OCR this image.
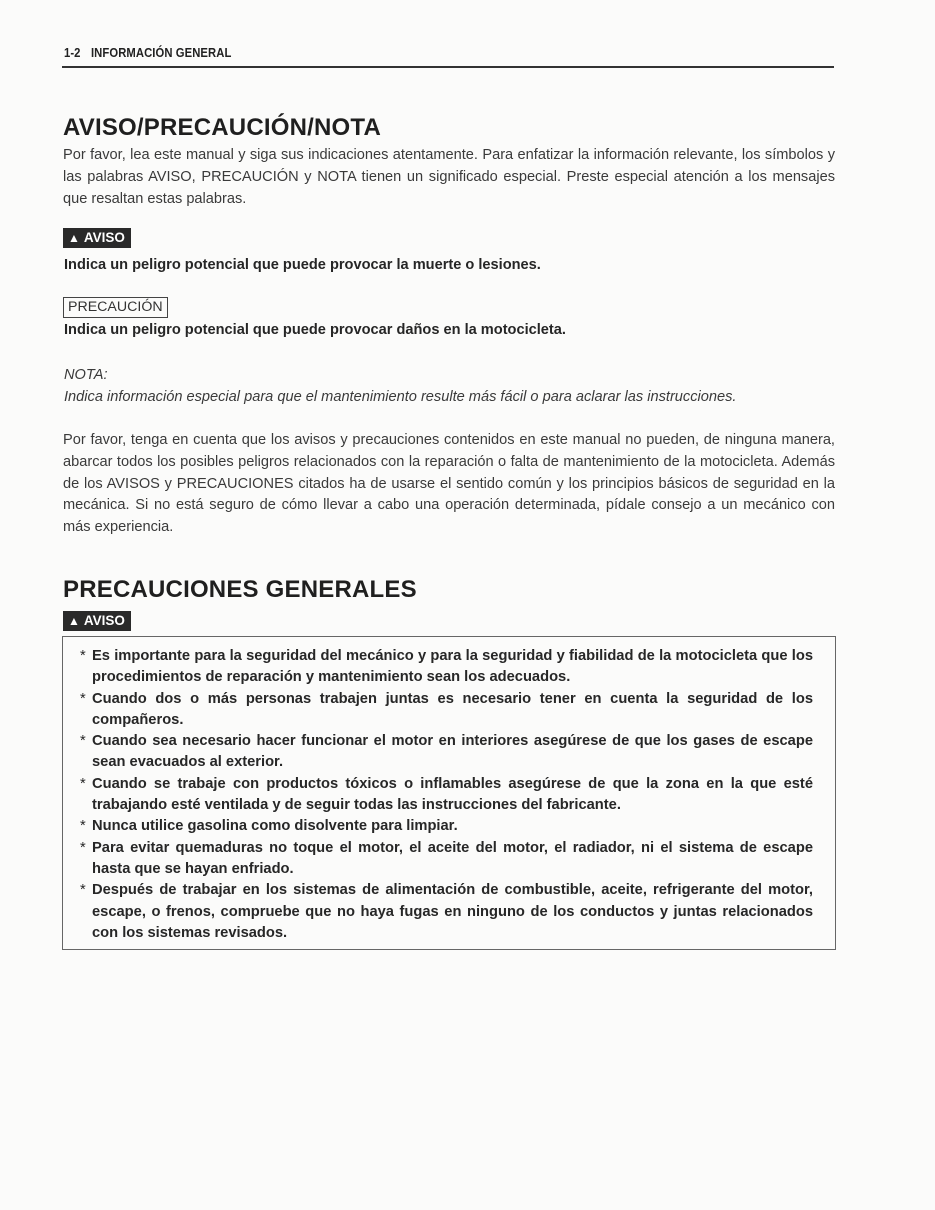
1-2 INFORMACIÓN GENERAL
AVISO/PRECAUCIÓN/NOTA
Por favor, lea este manual y siga sus indicaciones atentamente. Para enfatizar la información relevante, los símbolos y las palabras AVISO, PRECAUCIÓN y NOTA tienen un significado especial. Preste especial atención a los mensajes que resaltan estas palabras.
▲ AVISO
Indica un peligro potencial que puede provocar la muerte o lesiones.
PRECAUCIÓN
Indica un peligro potencial que puede provocar daños en la motocicleta.
NOTA:
Indica información especial para que el mantenimiento resulte más fácil o para aclarar las instrucciones.
Por favor, tenga en cuenta que los avisos y precauciones contenidos en este manual no pueden, de ninguna manera, abarcar todos los posibles peligros relacionados con la reparación o falta de mantenimiento de la motocicleta. Además de los AVISOS y PRECAUCIONES citados ha de usarse el sentido común y los principios básicos de seguridad en la mecánica. Si no está seguro de cómo llevar a cabo una operación determinada, pídale consejo a un mecánico con más experiencia.
PRECAUCIONES GENERALES
▲ AVISO
* Es importante para la seguridad del mecánico y para la seguridad y fiabilidad de la motocicleta que los procedimientos de reparación y mantenimiento sean los adecuados.
* Cuando dos o más personas trabajen juntas es necesario tener en cuenta la seguridad de los compañeros.
* Cuando sea necesario hacer funcionar el motor en interiores asegúrese de que los gases de escape sean evacuados al exterior.
* Cuando se trabaje con productos tóxicos o inflamables asegúrese de que la zona en la que esté trabajando esté ventilada y de seguir todas las instrucciones del fabricante.
* Nunca utilice gasolina como disolvente para limpiar.
* Para evitar quemaduras no toque el motor, el aceite del motor, el radiador, ni el sistema de escape hasta que se hayan enfriado.
* Después de trabajar en los sistemas de alimentación de combustible, aceite, refrigerante del motor, escape, o frenos, compruebe que no haya fugas en ninguno de los conductos y juntas relacionados con los sistemas revisados.
